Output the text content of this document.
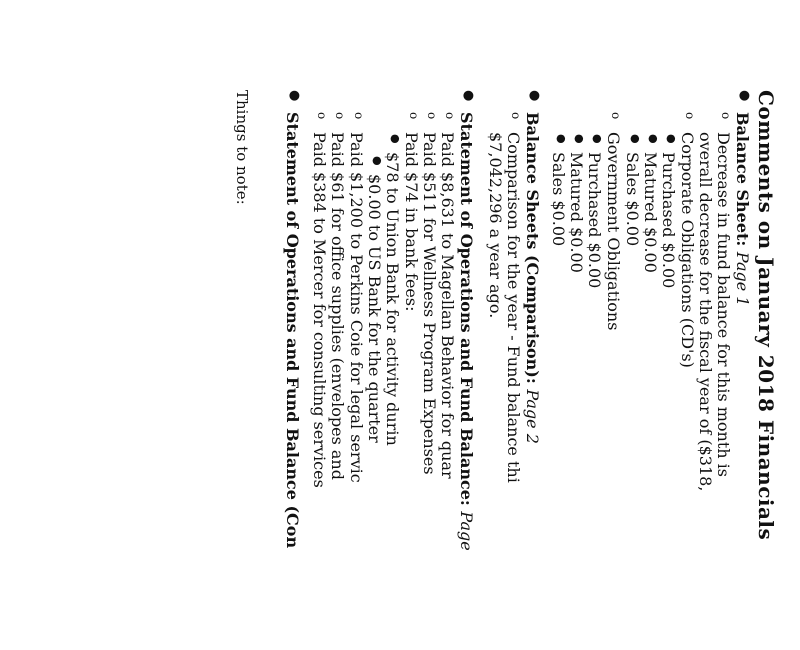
Comments on January 2018 Financials
●
Balance Sheet: Page 1
o
Decrease in fund balance for this month is
overall decrease for the fiscal year of ($318,
o
Corporate Obligations (CD's)
●
Purchased $0.00
●
Matured $0.00
●
Sales $0.00
o
Government Obligations
●
Purchased $0.00
●
Matured $0.00
●
Sales $0.00
●
Balance Sheets (Comparison): Page 2
o
Comparison for the year - Fund balance thi
$7,042,296 a year ago.
●
Statement of Operations and Fund Balance: Page
o
Paid $8,631 to Magellan Behavior for quar
o
Paid $511 for Wellness Program Expenses
o
Paid $74 in bank fees:
●
$78 to Union Bank for activity durin
●
$0.00 to US Bank for the quarter
o
Paid $1,200 to Perkins Coie for legal servic
o
Paid $61 for office supplies (envelopes and
o
Paid $384 to Mercer for consulting services
●
Statement of Operations and Fund Balance (Con
Things to note:
